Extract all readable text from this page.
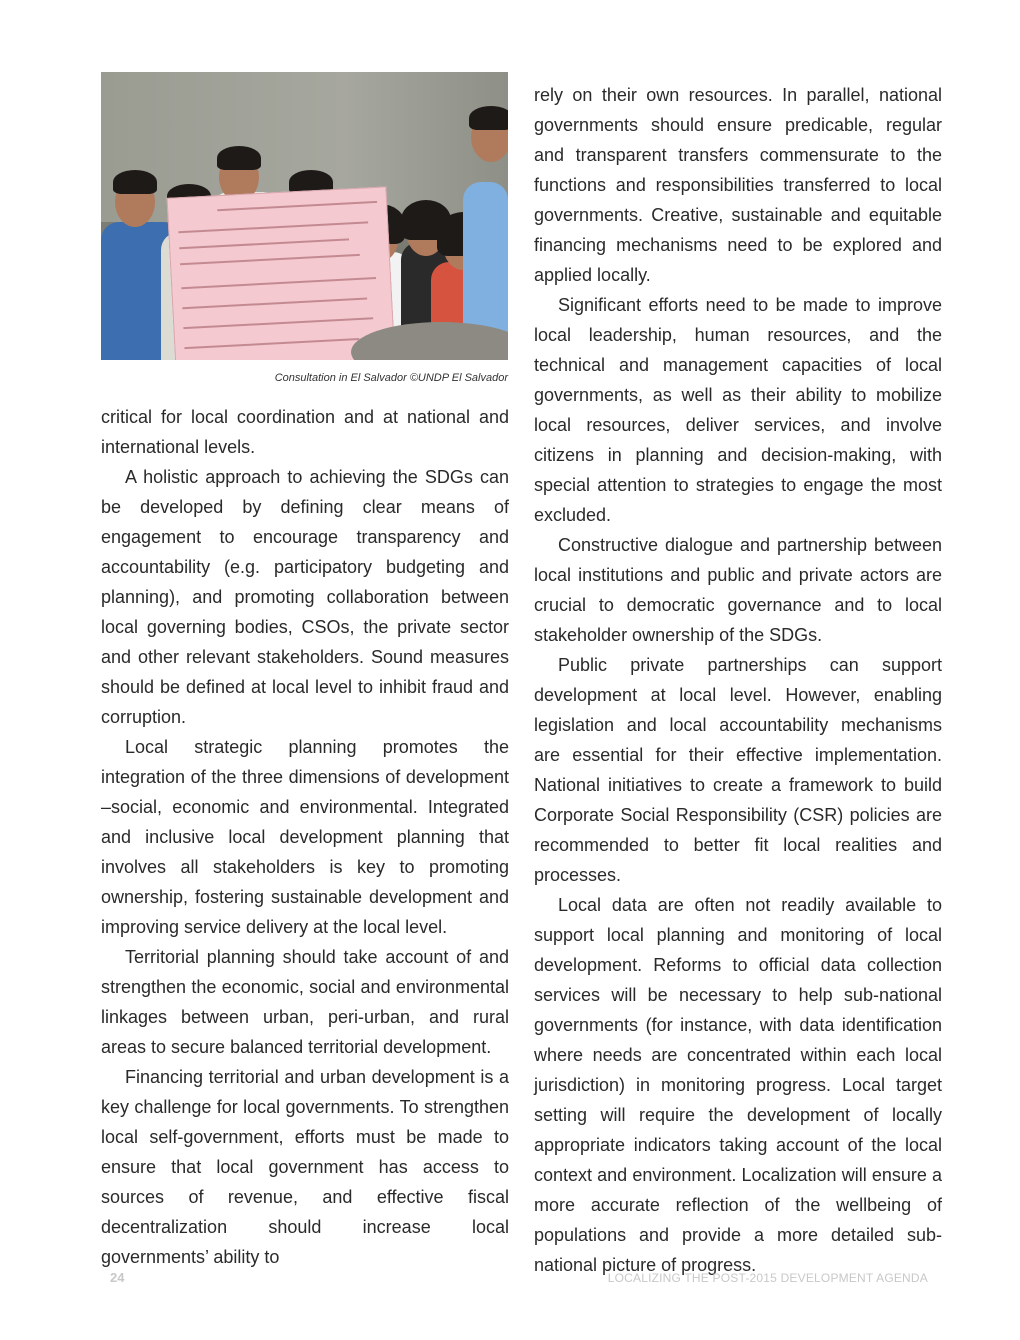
Consultation in El Salvador ©UNDP El Salvador

critical for local coordination and at national and international levels.

A holistic approach to achieving the SDGs can be developed by defining clear means of engagement to encourage transparency and accountability (e.g. participatory budgeting and planning), and promoting collaboration between local governing bodies, CSOs, the private sector and other relevant stakeholders. Sound measures should be defined at local level to inhibit fraud and corruption.

Local strategic planning promotes the integration of the three dimensions of development –social, economic and environmental. Integrated and inclusive local development planning that involves all stakeholders is key to promoting ownership, fostering sustainable development and improving service delivery at the local level.

Territorial planning should take account of and strengthen the economic, social and environmental linkages between urban, peri-urban, and rural areas to secure balanced territorial development.

Financing territorial and urban development is a key challenge for local governments. To strengthen local self-government, efforts must be made to ensure that local government has access to sources of revenue, and effective fiscal decentralization should increase local governments’ ability to

rely on their own resources. In parallel, national governments should ensure predicable, regular and transparent transfers commensurate to the functions and responsibilities transferred to local governments. Creative, sustainable and equitable financing mechanisms need to be explored and applied locally.

Significant efforts need to be made to improve local leadership, human resources, and the technical and management capacities of local governments, as well as their ability to mobilize local resources, deliver services, and involve citizens in planning and decision-making, with special attention to strategies to engage the most excluded.

Constructive dialogue and partnership between local institutions and public and private actors are crucial to democratic governance and to local stakeholder ownership of the SDGs.

Public private partnerships can support development at local level. However, enabling legislation and local accountability mechanisms are essential for their effective implementation. National initiatives to create a framework to build Corporate Social Responsibility (CSR) policies are recommended to better fit local realities and processes.

Local data are often not readily available to support local planning and monitoring of local development. Reforms to official data collection services will be necessary to help sub-national governments (for instance, with data identification where needs are concentrated within each local jurisdiction) in monitoring progress. Local target setting will require the development of locally appropriate indicators taking account of the local context and environment. Localization will ensure a more accurate reflection of the wellbeing of populations and provide a more detailed sub-national picture of progress.

24	LOCALIZING THE POST-2015 DEVELOPMENT AGENDA
